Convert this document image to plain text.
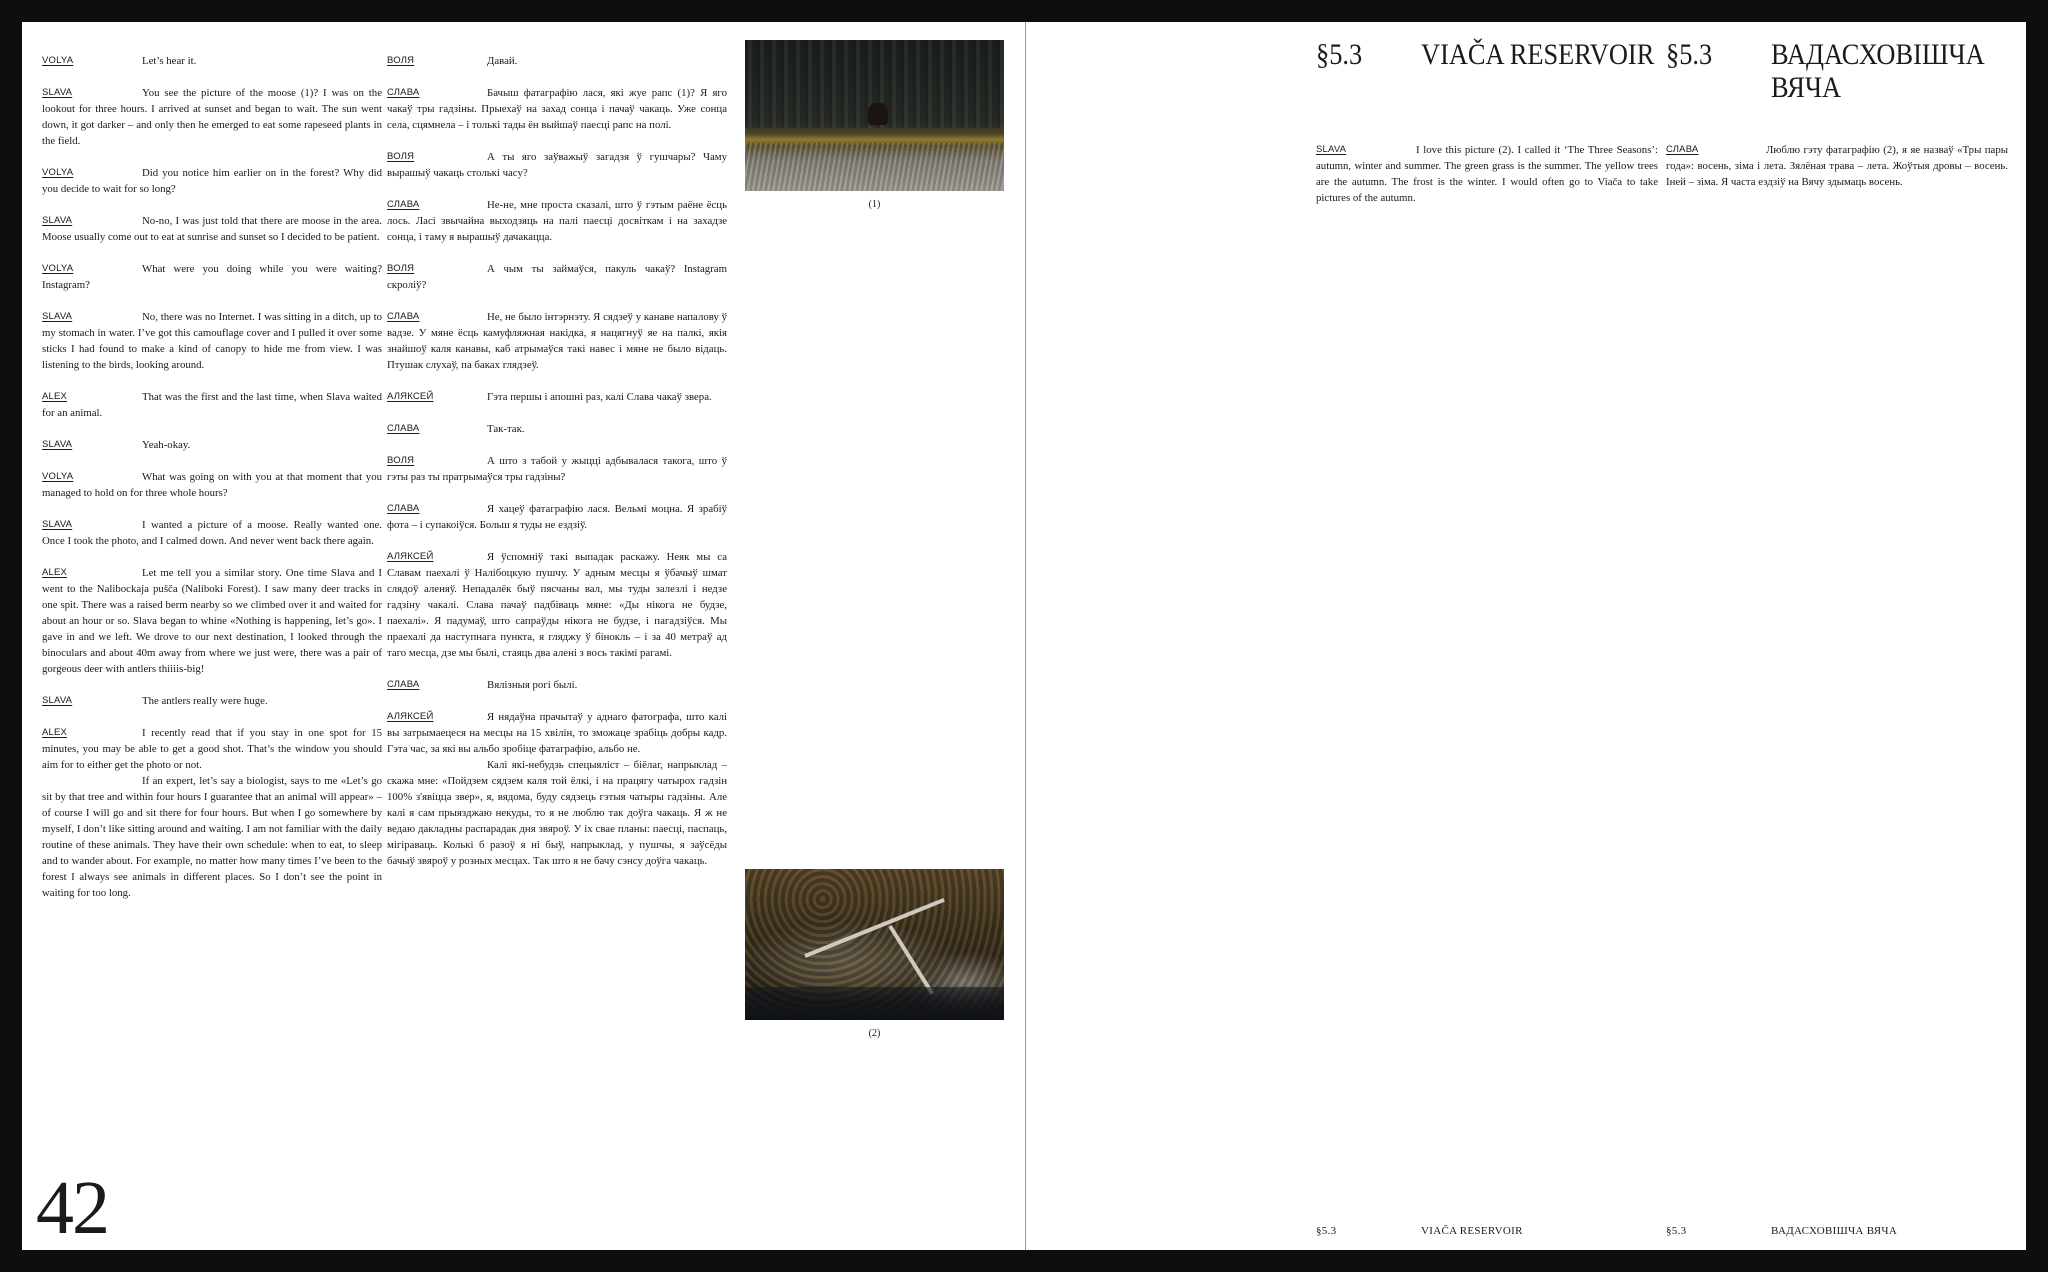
VOLYA	Let’s hear it.

SLAVA	You see the picture of the moose (1)? I was on the lookout for three hours. I arrived at sunset and began to wait. The sun went down, it got darker – and only then he emerged to eat some rapeseed plants in the field.

VOLYA	Did you notice him earlier on in the forest? Why did you decide to wait for so long?

SLAVA	No-no, I was just told that there are moose in the area. Moose usually come out to eat at sunrise and sunset so I decided to be patient.

VOLYA	What were you doing while you were waiting? Instagram?

SLAVA	No, there was no Internet. I was sitting in a ditch, up to my stomach in water. I’ve got this camouflage cover and I pulled it over some sticks I had found to make a kind of canopy to hide me from view. I was listening to the birds, looking around.

ALEX	That was the first and the last time, when Slava waited for an animal.

SLAVA	Yeah-okay.

VOLYA	What was going on with you at that moment that you managed to hold on for three whole hours?

SLAVA	I wanted a picture of a moose. Really wanted one. Once I took the photo, and I calmed down. And never went back there again.

ALEX	Let me tell you a similar story. One time Slava and I went to the Nalibockaja pušča (Naliboki Forest). I saw many deer tracks in one spit. There was a raised berm nearby so we climbed over it and waited for about an hour or so. Slava began to whine «Nothing is happening, let’s go». I gave in and we left. We drove to our next destination, I looked through the binoculars and about 40m away from where we just were, there was a pair of gorgeous deer with antlers thiiiis-big!

SLAVA	The antlers really were huge.

ALEX	I recently read that if you stay in one spot for 15 minutes, you may be able to get a good shot. That’s the window you should aim for to either get the photo or not.

If an expert, let’s say a biologist, says to me «Let’s go sit by that tree and within four hours I guarantee that an animal will appear» – of course I will go and sit there for four hours. But when I go somewhere by myself, I don’t like sitting around and waiting. I am not familiar with the daily routine of these animals. They have their own schedule: when to eat, to sleep and to wander about. For example, no matter how many times I’ve been to the forest I always see animals in different places. So I don’t see the point in waiting for too long.

ВОЛЯ	Давай.

СЛАВА	Бачыш фатаграфію лася, які жуе рапс (1)? Я яго чакаў тры гадзіны. Прыехаў на захад сонца і пачаў чакаць. Уже сонца села, сцямнела – і толькі тады ён выйшаў паесці рапс на полі.

ВОЛЯ	А ты яго заўважыў загадзя ў гушчары? Чаму вырашыў чакаць столькі часу?

СЛАВА	Не-не, мне проста сказалі, што ў гэтым раёне ёсць лось. Ласі звычайна выходзяць на палі паесці досвіткам і на захадзе сонца, і таму я вырашыў дачакацца.

ВОЛЯ	А чым ты займаўся, пакуль чакаў? Instagram скроліў?

СЛАВА	Не, не было інтэрнэту. Я сядзеў у канаве напалову ў вадзе. У мяне ёсць камуфляжная накідка, я нацягнуў яе на палкі, якія знайшоў каля канавы, каб атрымаўся такі навес і мяне не было відаць. Птушак слухаў, па баках глядзеў.

АЛЯКСЕЙ	Гэта першы і апошні раз, калі Слава чакаў звера.

СЛАВА	Так-так.

ВОЛЯ	А што з табой у жыцці адбывалася такога, што ў гэты раз ты пратрымаўся тры гадзіны?

СЛАВА	Я хацеў фатаграфію лася. Вельмі моцна. Я зрабіў фота – і супакоіўся. Больш я туды не ездзіў.

АЛЯКСЕЙ	Я ўспомніў такі выпадак раскажу. Неяк мы са Славам паехалі ў Налібоцкую пушчу. У адным месцы я ўбачыў шмат слядоў аленяў. Непадалёк быў пясчаны вал, мы туды залезлі і недзе гадзіну чакалі. Слава пачаў падбіваць мяне: «Ды нікога не будзе, паехалі». Я падумаў, што сапраўды нікога не будзе, і пагадзіўся. Мы праехалі да наступнага пункта, я гляджу ў бінокль – і за 40 метраў ад таго месца, дзе мы былі, стаяць два алені з вось такімі рагамі.

СЛАВА	Вялізныя рогі былі.

АЛЯКСЕЙ	Я нядаўна прачытаў у аднаго фатографа, што калі вы затрымаецеся на месцы на 15 хвілін, то зможаце зрабіць добры кадр. Гэта час, за які вы альбо зробіце фатаграфію, альбо не.

Калі які-небудзь спецыяліст – біёлаг, напрыклад – скажа мне: «Пойдзем сядзем каля той ёлкі, і на працягу чатырох гадзін 100% з'явіцца звер», я, вядома, буду сядзець гэтыя чатыры гадзіны. Але калі я сам прыязджаю некуды, то я не люблю так доўга чакаць. Я ж не ведаю дакладны распарадак дня звяроў. У іх свае планы: паесці, паспаць, мігіраваць. Колькі б разоў я ні быў, напрыклад, у пушчы, я заўсёды бачыў звяроў у розных месцах. Так што я не бачу сэнсу доўга чакаць.

(1)
(2)
42
§5.3 VIAČA RESERVOIR §5.3 ВАДАСХОВІШЧА
ВЯЧА
SLAVA	I love this picture (2). I called it ‘The Three Seasons’: autumn, winter and summer. The green grass is the summer. The yellow trees are the autumn. The frost is the winter. I would often go to Viača to take pictures of the autumn.

СЛАВА	Люблю гэту фатаграфію (2), я яе назваў «Тры пары года»: восень, зіма і лета. Зялёная трава – лета. Жоўтыя дровы – восень. Іней – зіма. Я часта ездзіў на Вячу здымаць восень.

§5.3	VIAČA RESERVOIR	§5.3	ВАДАСХОВІШЧА ВЯЧА
